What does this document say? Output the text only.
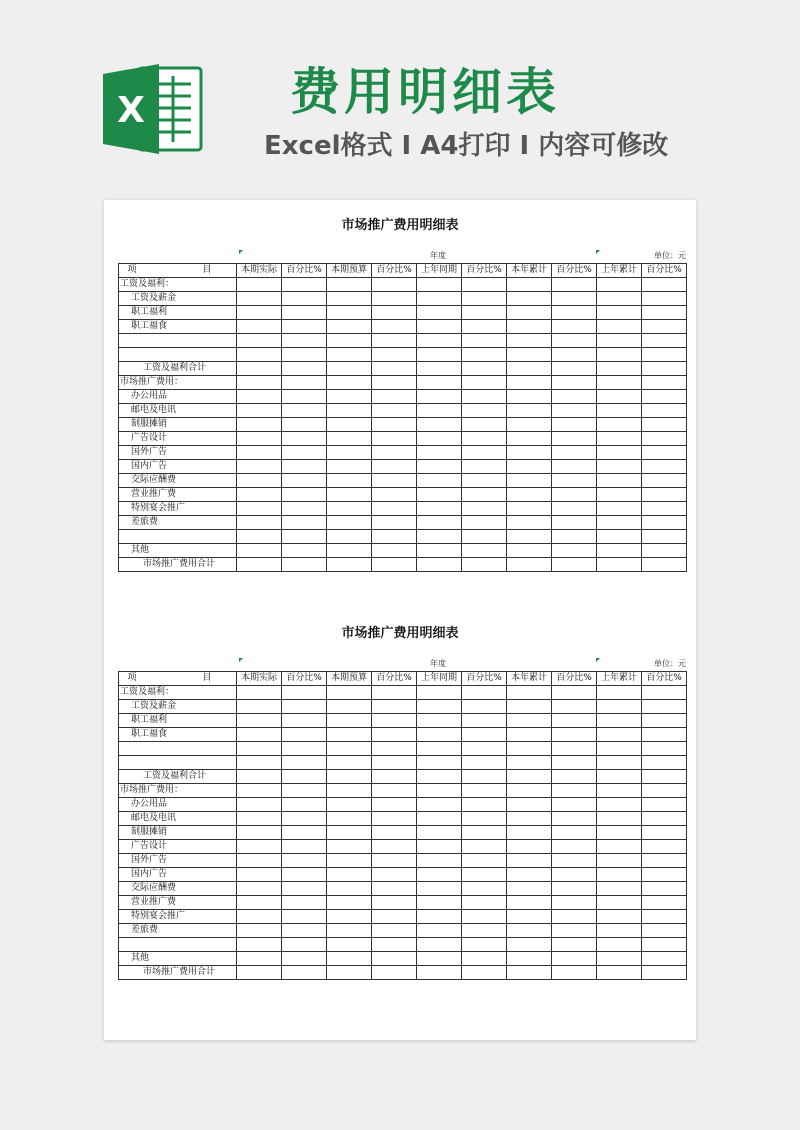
X	费用明细表
Excel格式 I A4打印 I 内容可修改
市场推广费用明细表
年度	单位：元
项　　目	本期实际	百分比%	本期预算	百分比%	上年同期	百分比%	本年累计	百分比%	上年累计	百分比%
工资及福利：										
工资及薪金										
职工福利										
职工福食										

工资及福利合计										
市场推广费用：										
办公用品										
邮电及电讯										
制服摊销										
广告设计										
国外广告										
国内广告										
交际应酬费										
营业推广费										
特别宴会推广										
差旅费										

其他										
市场推广费用合计										
市场推广费用明细表
年度	单位：元
项　　目	本期实际	百分比%	本期预算	百分比%	上年同期	百分比%	本年累计	百分比%	上年累计	百分比%
工资及福利：										
工资及薪金										
职工福利										
职工福食										

工资及福利合计										
市场推广费用：										
办公用品										
邮电及电讯										
制服摊销										
广告设计										
国外广告										
国内广告										
交际应酬费										
营业推广费										
特别宴会推广										
差旅费										

其他										
市场推广费用合计										
